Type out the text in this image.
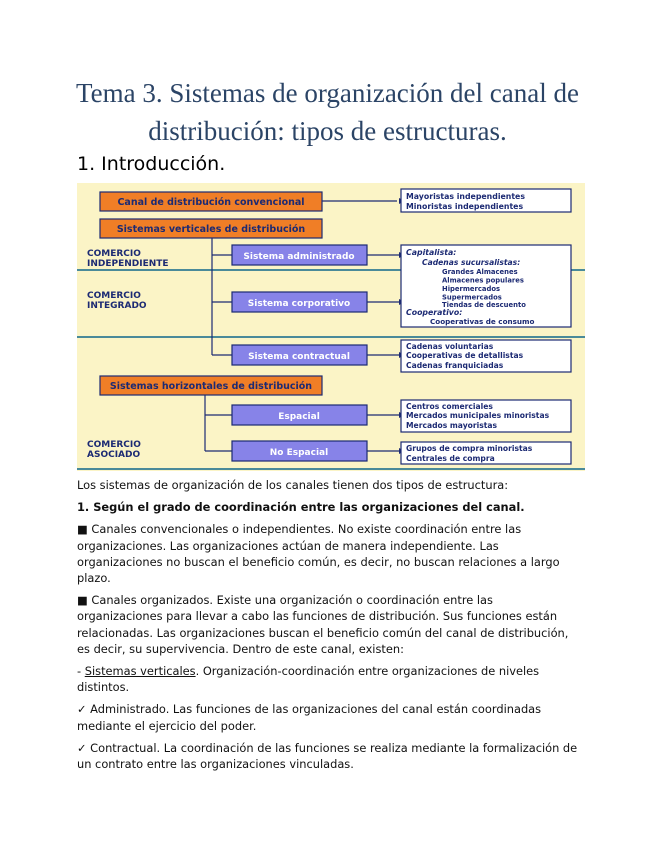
Tema 3. Sistemas de organización del canal de
distribución: tipos de estructuras.
1. Introducción.
Canal de distribución convencional
Sistemas verticales de distribución
Sistemas horizontales de distribución
Sistema administrado
Sistema corporativo
Sistema contractual
Espacial
No Espacial
COMERCIO
INDEPENDIENTE
COMERCIO
INTEGRADO
COMERCIO
ASOCIADO
Mayoristas independientes
Minoristas independientes
Capitalista:
Cadenas sucursalistas:
Grandes Almacenes
Almacenes populares
Hipermercados
Supermercados
Tiendas de descuento
Cooperativo:
Cooperativas de consumo
Cadenas voluntarias
Cooperativas de detallistas
Cadenas franquiciadas
Centros comerciales
Mercados municipales minoristas
Mercados mayoristas
Grupos de compra minoristas
Centrales de compra

Los sistemas de organización de los canales tienen dos tipos de estructura:

1. Según el grado de coordinación entre las organizaciones del canal.

■ Canales convencionales o independientes. No existe coordinación entre las organizaciones. Las organizaciones actúan de manera independiente. Las organizaciones no buscan el beneficio común, es decir, no buscan relaciones a largo plazo.

■ Canales organizados. Existe una organización o coordinación entre las organizaciones para llevar a cabo las funciones de distribución. Sus funciones están relacionadas. Las organizaciones buscan el beneficio común del canal de distribución, es decir, su supervivencia. Dentro de este canal, existen:

- Sistemas verticales. Organización-coordinación entre organizaciones de niveles distintos.

✓ Administrado. Las funciones de las organizaciones del canal están coordinadas mediante el ejercicio del poder.

✓ Contractual. La coordinación de las funciones se realiza mediante la formalización de un contrato entre las organizaciones vinculadas.
